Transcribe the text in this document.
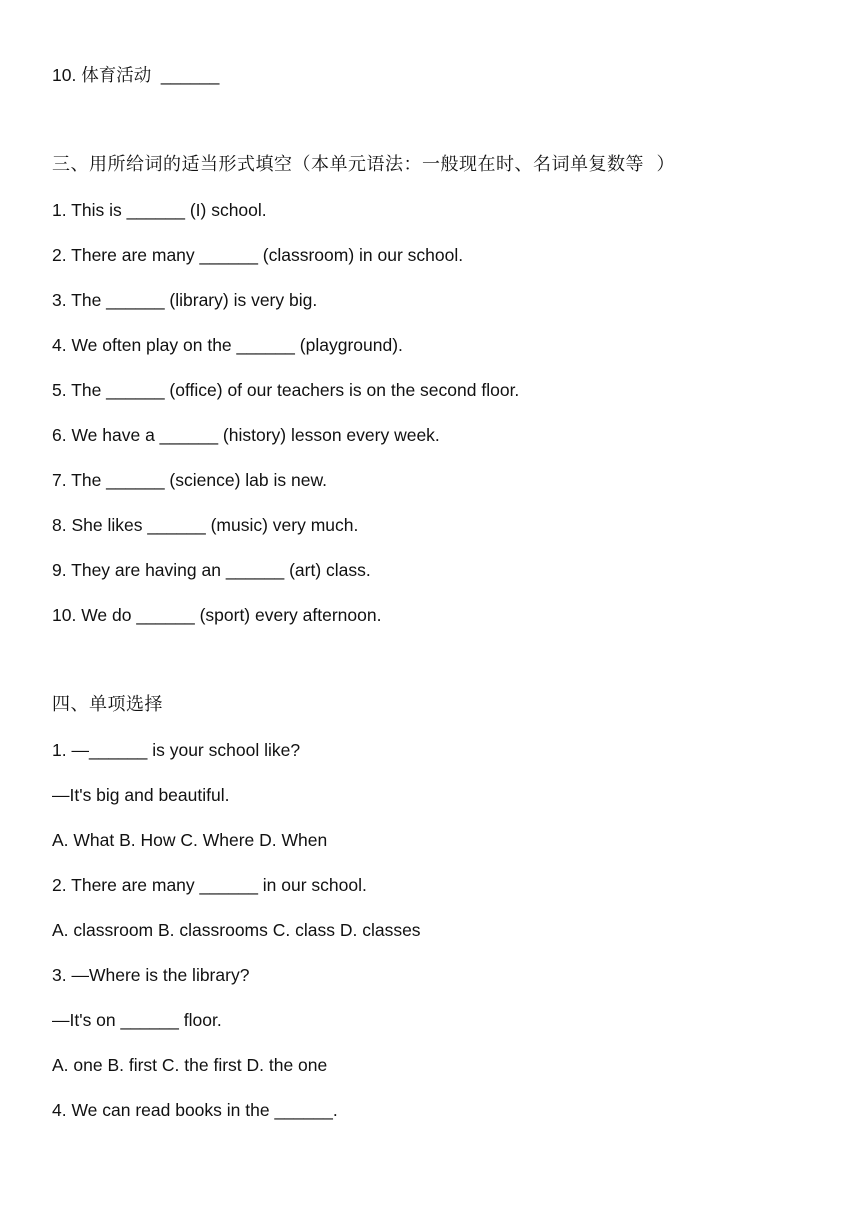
10. 体育活动  ______
三、用所给词的适当形式填空（本单元语法：一般现在时、名词单复数等  ）
1. This is ______ (I) school.
2. There are many ______ (classroom) in our school.
3. The ______ (library) is very big.
4. We often play on the ______ (playground).
5. The ______ (office) of our teachers is on the second floor.
6. We have a ______ (history) lesson every week.
7. The ______ (science) lab is new.
8. She likes ______ (music) very much.
9. They are having an ______ (art) class.
10. We do ______ (sport) every afternoon.
四、单项选择
1. —______ is your school like?
—It's big and beautiful.
A. What B. How C. Where D. When
2. There are many ______ in our school.
A. classroom B. classrooms C. class D. classes
3. —Where is the library?
—It's on ______ floor.
A. one B. first C. the first D. the one
4. We can read books in the ______.
